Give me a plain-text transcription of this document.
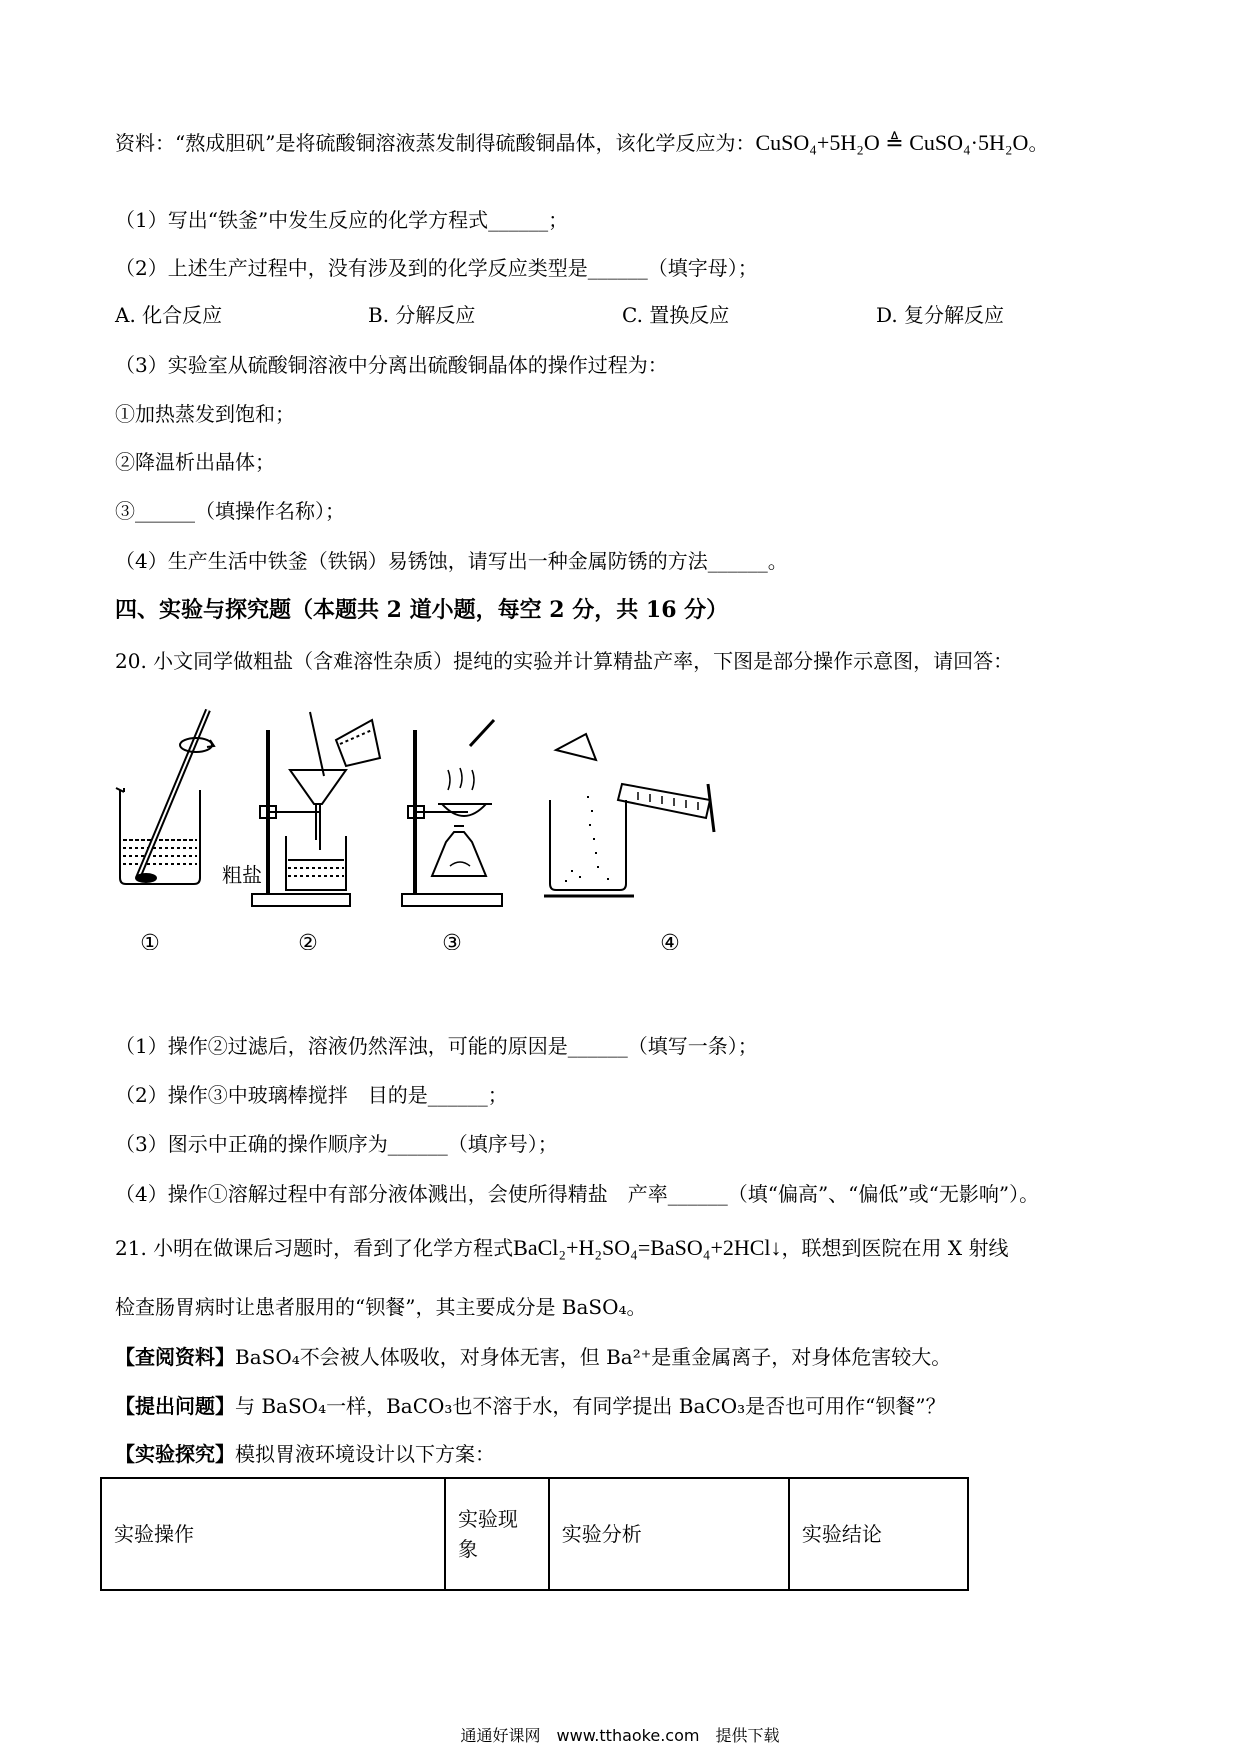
资料：“熬成胆矾”是将硫酸铜溶液蒸发制得硫酸铜晶体，该化学反应为：CuSO₄+5H₂O ≜ CuSO₄·5H₂O。
（1）写出“铁釜”中发生反应的化学方程式______；
（2）上述生产过程中，没有涉及到的化学反应类型是______（填字母）；
A. 化合反应	B. 分解反应	C. 置换反应	D. 复分解反应
（3）实验室从硫酸铜溶液中分离出硫酸铜晶体的操作过程为：
①加热蒸发到饱和；
②降温析出晶体；
③______（填操作名称）；
（4）生产生活中铁釜（铁锅）易锈蚀，请写出一种金属防锈的方法______。
四、实验与探究题（本题共 2 道小题，每空 2 分，共 16 分）
20. 小文同学做粗盐（含难溶性杂质）提纯的实验并计算精盐产率，下图是部分操作示意图，请回答：
粗盐
①	②	③	④
（1）操作②过滤后，溶液仍然浑浊，可能的原因是______（填写一条）；
（2）操作③中玻璃棒搅拌　目的是______；
（3）图示中正确的操作顺序为______（填序号）；
（4）操作①溶解过程中有部分液体溅出，会使所得精盐　产率______（填“偏高”、“偏低”或“无影响”）。
21. 小明在做课后习题时，看到了化学方程式BaCl₂+H₂SO₄=BaSO₄+2HCl↓，联想到医院在用 X 射线
检查肠胃病时让患者服用的“钡餐”，其主要成分是 BaSO₄。
【查阅资料】BaSO₄不会被人体吸收，对身体无害，但 Ba²⁺是重金属离子，对身体危害较大。
【提出问题】与 BaSO₄一样，BaCO₃也不溶于水，有同学提出 BaCO₃是否也可用作“钡餐”？
【实验探究】模拟胃液环境设计以下方案：
实验操作	实验现象	实验分析	实验结论
通通好课网　www.tthaoke.com　提供下载
